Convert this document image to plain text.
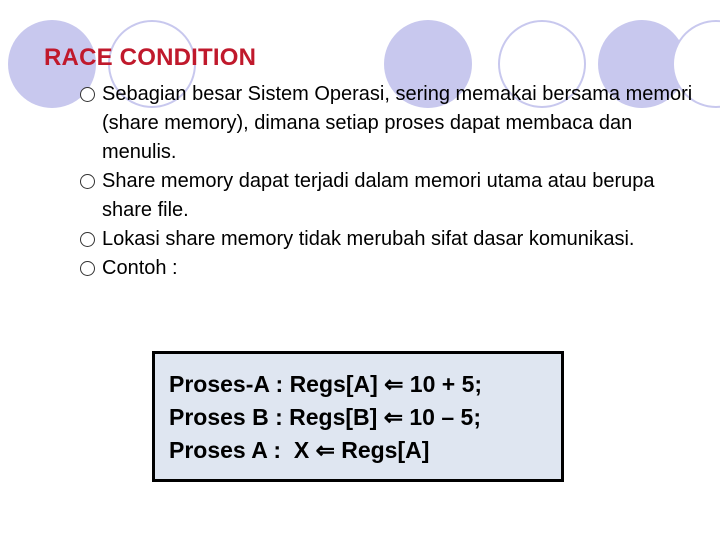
RACE CONDITION
Sebagian besar Sistem Operasi, sering memakai bersama memori (share memory), dimana setiap proses dapat membaca dan menulis.
Share memory dapat terjadi dalam memori utama atau berupa share file.
Lokasi share memory tidak merubah sifat dasar komunikasi.
Contoh :
Proses-A : Regs[A] ⇐ 10 + 5;
Proses B : Regs[B] ⇐ 10 – 5;
Proses A :  X ⇐ Regs[A]
